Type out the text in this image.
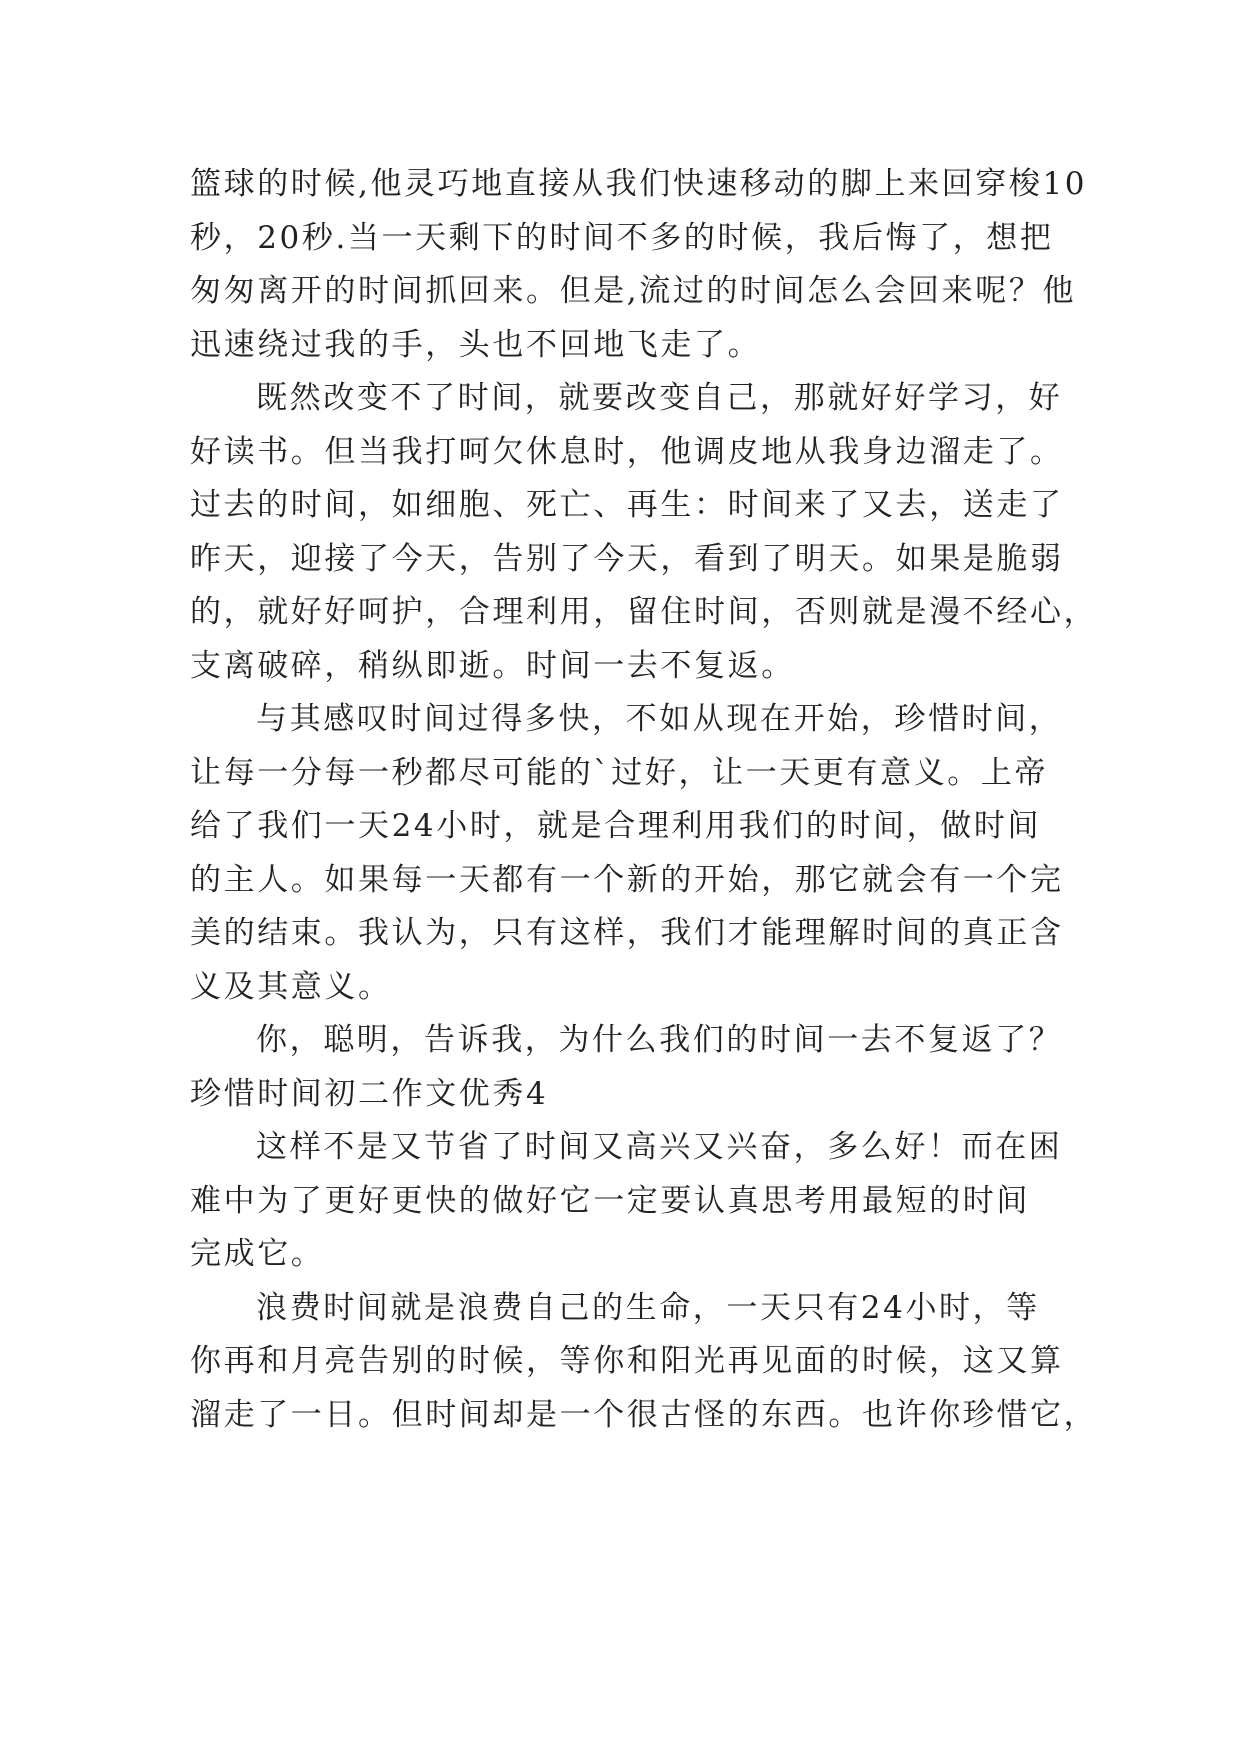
篮球的时候,他灵巧地直接从我们快速移动的脚上来回穿梭10
秒，20秒.当一天剩下的时间不多的时候，我后悔了，想把
匆匆离开的时间抓回来。但是,流过的时间怎么会回来呢？他
迅速绕过我的手，头也不回地飞走了。
既然改变不了时间，就要改变自己，那就好好学习，好
好读书。但当我打呵欠休息时，他调皮地从我身边溜走了。
过去的时间，如细胞、死亡、再生：时间来了又去，送走了
昨天，迎接了今天，告别了今天，看到了明天。如果是脆弱
的，就好好呵护，合理利用，留住时间，否则就是漫不经心，
支离破碎，稍纵即逝。时间一去不复返。
与其感叹时间过得多快，不如从现在开始，珍惜时间，
让每一分每一秒都尽可能的`过好，让一天更有意义。上帝
给了我们一天24小时，就是合理利用我们的时间，做时间
的主人。如果每一天都有一个新的开始，那它就会有一个完
美的结束。我认为，只有这样，我们才能理解时间的真正含
义及其意义。
你，聪明，告诉我，为什么我们的时间一去不复返了？
珍惜时间初二作文优秀4
这样不是又节省了时间又高兴又兴奋，多么好！而在困
难中为了更好更快的做好它一定要认真思考用最短的时间
完成它。
浪费时间就是浪费自己的生命，一天只有24小时，等
你再和月亮告别的时候，等你和阳光再见面的时候，这又算
溜走了一日。但时间却是一个很古怪的东西。也许你珍惜它，
